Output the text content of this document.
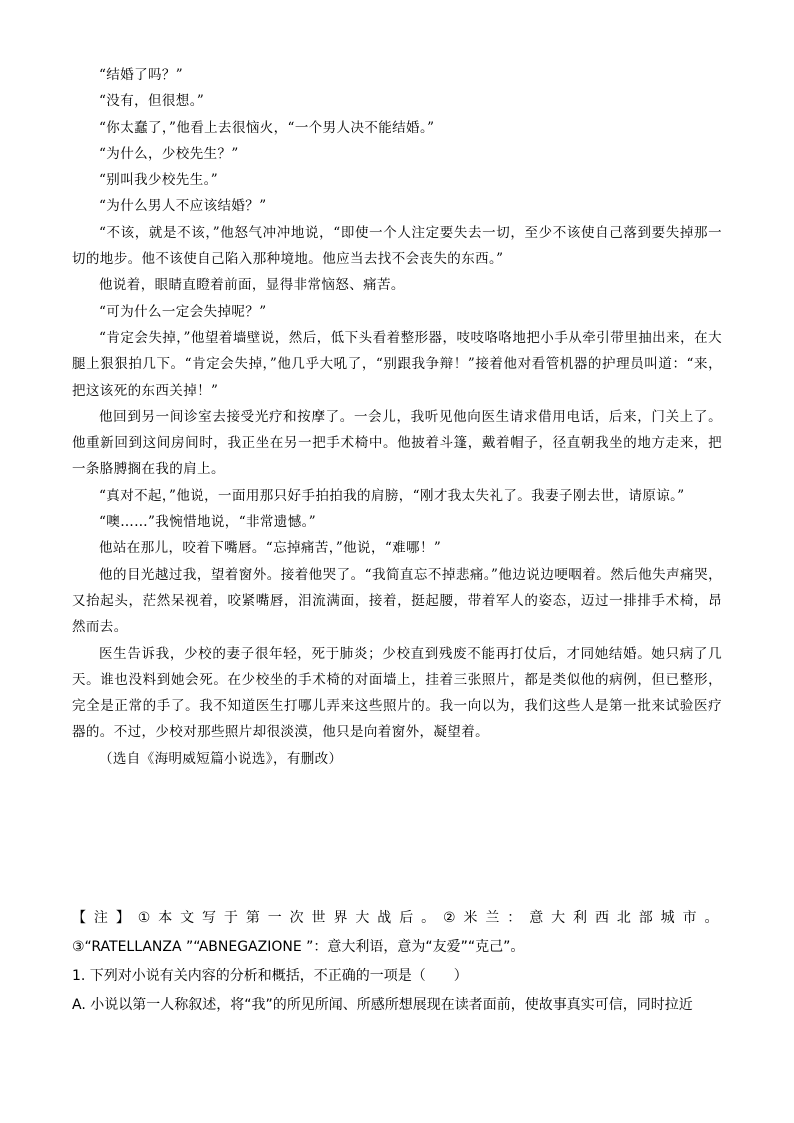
“结婚了吗？”

“没有，但很想。”

“你太蠢了，”他看上去很恼火，“一个男人决不能结婚。”

“为什么，少校先生？”

“别叫我少校先生。”

“为什么男人不应该结婚？”

“不该，就是不该，”他怒气冲冲地说，“即使一个人注定要失去一切，至少不该使自己落到要失掉那一切的地步。他不该使自己陷入那种境地。他应当去找不会丧失的东西。”

他说着，眼睛直瞪着前面，显得非常恼怒、痛苦。

“可为什么一定会失掉呢？”

“肯定会失掉，”他望着墙壁说，然后，低下头看着整形器，吱吱咯咯地把小手从牵引带里抽出来，在大腿上狠狠拍几下。“肯定会失掉，”他几乎大吼了，“别跟我争辩！”接着他对看管机器的护理员叫道：“来，把这该死的东西关掉！”

他回到另一间诊室去接受光疗和按摩了。一会儿，我听见他向医生请求借用电话，后来，门关上了。他重新回到这间房间时，我正坐在另一把手术椅中。他披着斗篷，戴着帽子，径直朝我坐的地方走来，把一条胳膊搁在我的肩上。

“真对不起，”他说，一面用那只好手拍拍我的肩膀，“刚才我太失礼了。我妻子刚去世，请原谅。”

“噢……”我惋惜地说，“非常遗憾。”

他站在那儿，咬着下嘴唇。“忘掉痛苦，”他说，“难哪！”

他的目光越过我，望着窗外。接着他哭了。“我简直忘不掉悲痛。”他边说边哽咽着。然后他失声痛哭，又抬起头，茫然呆视着，咬紧嘴唇，泪流满面，接着，挺起腰，带着军人的姿态，迈过一排排手术椅，昂然而去。

医生告诉我，少校的妻子很年轻，死于肺炎；少校直到残废不能再打仗后，才同她结婚。她只病了几天。谁也没料到她会死。在少校坐的手术椅的对面墙上，挂着三张照片，都是类似他的病例，但已整形，完全是正常的手了。我不知道医生打哪儿弄来这些照片的。我一向以为，我们这些人是第一批来试验医疗器的。不过，少校对那些照片却很淡漠，他只是向着窗外，凝望着。

（选自《海明威短篇小说选》，有删改）

【注】①本文写于第一次世界大战后。②米兰：意大利西北部城市。

③“RATELLANZA ”“ABNEGAZIONE ”：意大利语，意为“友爱”“克己”。

1. 下列对小说有关内容的分析和概括，不正确的一项是（　　）

A. 小说以第一人称叙述，将“我”的所见所闻、所感所想展现在读者面前，使故事真实可信，同时拉近
